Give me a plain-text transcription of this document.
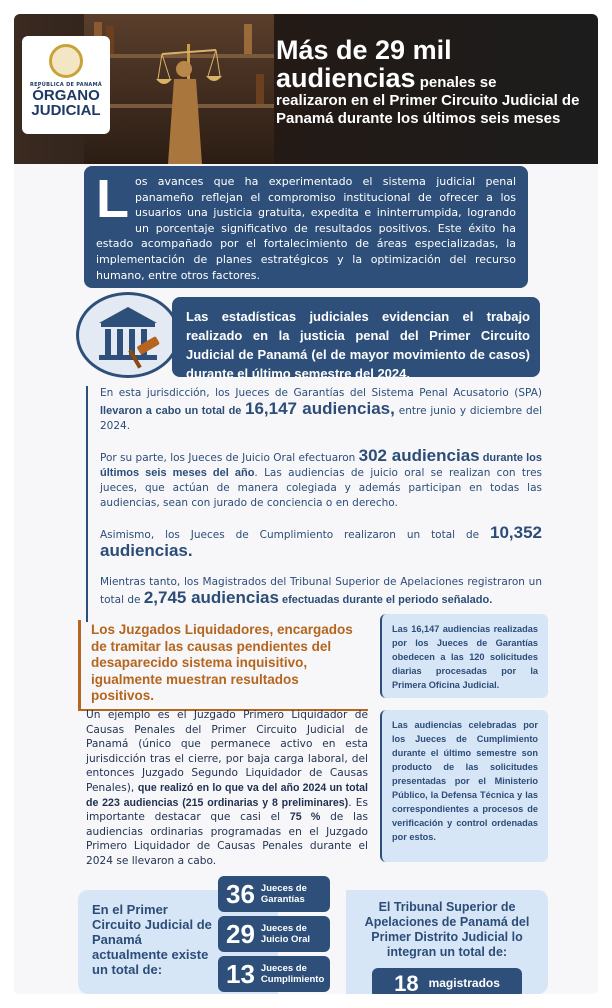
REPÚBLICA DE PANAMÁ
ÓRGANO
JUDICIAL
Más de 29 mil
audiencias penales se
realizaron en el Primer Circuito Judicial de Panamá durante los últimos seis meses
L os avances que ha experimentado el sistema judicial penal panameño reflejan el compromiso institucional de ofrecer a los usuarios una justicia gratuita, expedita e ininterrumpida, logrando un porcentaje significativo de resultados positivos. Este éxito ha estado acompañado por el fortalecimiento de áreas especializadas, la implementación de planes estratégicos y la optimización del recurso humano, entre otros factores.
Las estadísticas judiciales evidencian el trabajo realizado en la justicia penal del Primer Circuito Judicial de Panamá (el de mayor movimiento de casos) durante el último semestre del 2024.
En esta jurisdicción, los Jueces de Garantías del Sistema Penal Acusatorio (SPA) llevaron a cabo un total de 16,147 audiencias, entre junio y diciembre del 2024.
Por su parte, los Jueces de Juicio Oral efectuaron 302 audiencias durante los últimos seis meses del año. Las audiencias de juicio oral se realizan con tres jueces, que actúan de manera colegiada y además participan en todas las audiencias, sean con jurado de conciencia o en derecho.
Asimismo, los Jueces de Cumplimiento realizaron un total de 10,352 audiencias.
Mientras tanto, los Magistrados del Tribunal Superior de Apelaciones registraron un total de 2,745 audiencias efectuadas durante el periodo señalado.
Los Juzgados Liquidadores, encargados de tramitar las causas pendientes del desaparecido sistema inquisitivo, igualmente muestran resultados positivos.
Un ejemplo es el Juzgado Primero Liquidador de Causas Penales del Primer Circuito Judicial de Panamá (único que permanece activo en esta jurisdicción tras el cierre, por baja carga laboral, del entonces Juzgado Segundo Liquidador de Causas Penales), que realizó en lo que va del año 2024 un total de 223 audiencias (215 ordinarias y 8 preliminares). Es importante destacar que casi el 75 % de las audiencias ordinarias programadas en el Juzgado Primero Liquidador de Causas Penales durante el 2024 se llevaron a cabo.
Las 16,147 audiencias realizadas por los Jueces de Garantías obedecen a las 120 solicitudes diarias procesadas por la Primera Oficina Judicial.
Las audiencias celebradas por los Jueces de Cumplimiento durante el último semestre son producto de las solicitudes presentadas por el Ministerio Público, la Defensa Técnica y las correspondientes a procesos de verificación y control ordenadas por estos.
En el Primer Circuito Judicial de Panamá actualmente existe un total de:
36 Jueces de Garantías
29 Jueces de Juicio Oral
13 Jueces de Cumplimiento
El Tribunal Superior de Apelaciones de Panamá del Primer Distrito Judicial lo integran un total de:
18 magistrados
